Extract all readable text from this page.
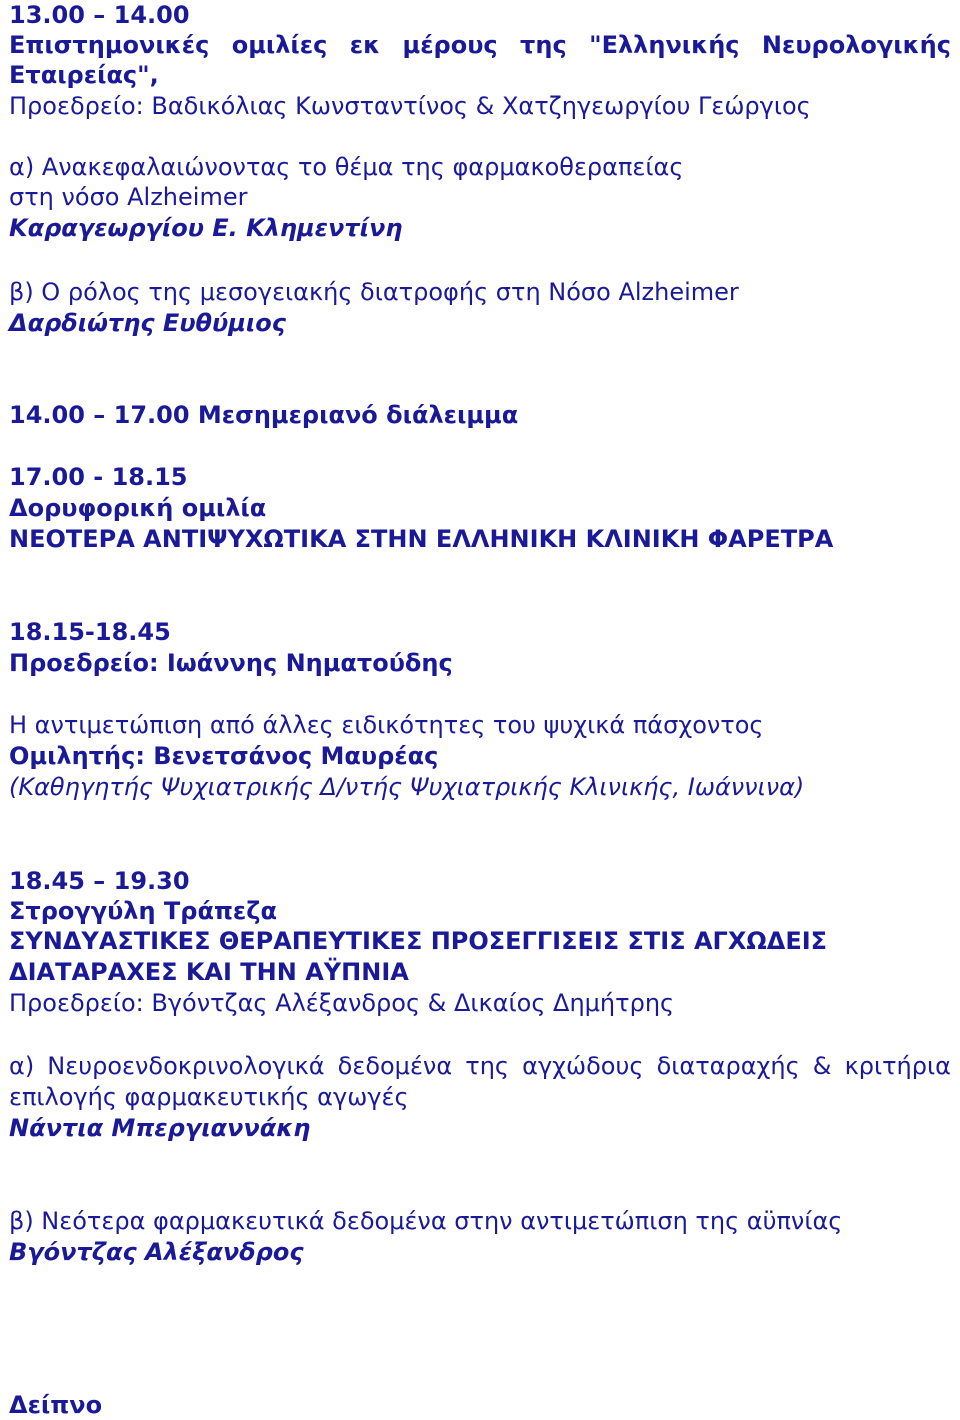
13.00 – 14.00
Επιστημονικές ομιλίες εκ μέρους της "Ελληνικής Νευρολογικής
Εταιρείας",
Προεδρείο: Βαδικόλιας Κωνσταντίνος & Χατζηγεωργίου Γεώργιος
α) Ανακεφαλαιώνοντας το θέμα της φαρμακοθεραπείας
στη νόσο Alzheimer
Καραγεωργίου Ε. Κλημεντίνη
β) Ο ρόλος της μεσογειακής διατροφής στη Νόσο Alzheimer
Δαρδιώτης Ευθύμιος
14.00 – 17.00 Μεσημεριανό διάλειμμα
17.00 - 18.15
Δορυφορική ομιλία
ΝΕΟΤΕΡΑ ΑΝΤΙΨΥΧΩΤΙΚΑ ΣΤΗΝ ΕΛΛΗΝΙΚΗ ΚΛΙΝΙΚΗ ΦΑΡΕΤΡΑ
18.15-18.45
Προεδρείο: Ιωάννης Νηματούδης
Η αντιμετώπιση από άλλες ειδικότητες του ψυχικά πάσχοντος
Ομιλητής: Βενετσάνος Μαυρέας
(Καθηγητής Ψυχιατρικής Δ/ντής Ψυχιατρικής Κλινικής, Ιωάννινα)
18.45 – 19.30
Στρογγύλη Τράπεζα
ΣΥΝΔΥΑΣΤΙΚΕΣ ΘΕΡΑΠΕΥΤΙΚΕΣ ΠΡΟΣΕΓΓΙΣΕΙΣ ΣΤΙΣ ΑΓΧΩΔΕΙΣ
ΔΙΑΤΑΡΑΧΕΣ ΚΑΙ ΤΗΝ ΑΫΠΝΙΑ
Προεδρείο: Βγόντζας Αλέξανδρος & Δικαίος Δημήτρης
α) Νευροενδοκρινολογικά δεδομένα της αγχώδους διαταραχής & κριτήρια
επιλογής φαρμακευτικής αγωγές
Νάντια Μπεργιαννάκη
β) Νεότερα φαρμακευτικά δεδομένα στην αντιμετώπιση της αϋπνίας
Βγόντζας Αλέξανδρος
Δείπνο
